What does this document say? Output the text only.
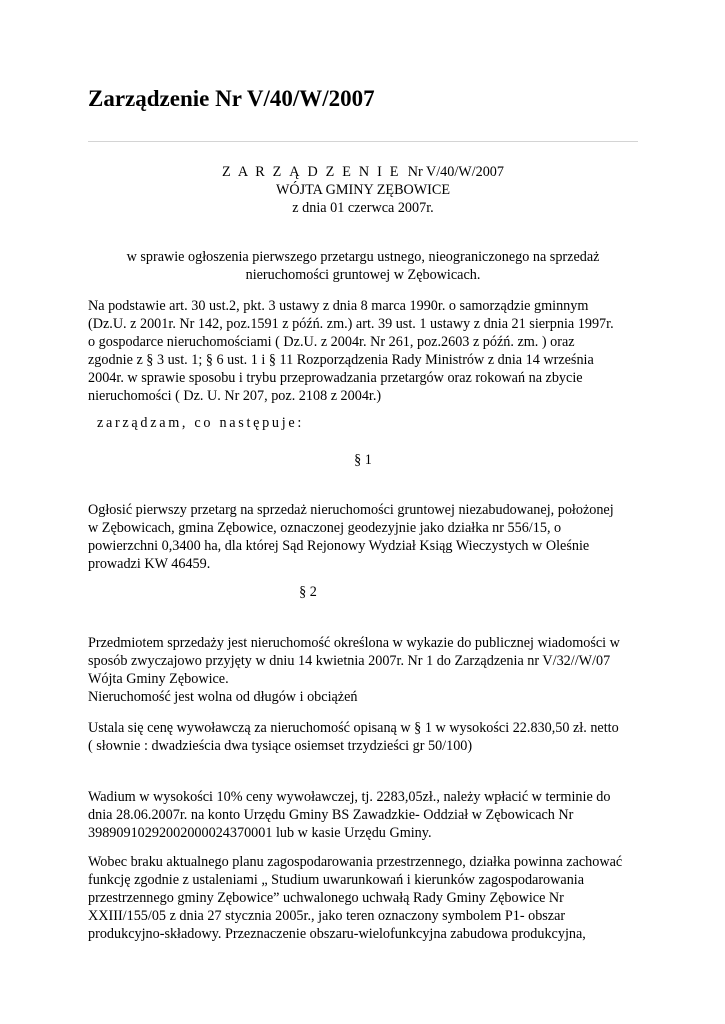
Zarządzenie Nr V/40/W/2007
Z A R Z Ą D Z E N I E Nr V/40/W/2007
WÓJTA GMINY ZĘBOWICE
z dnia 01 czerwca 2007r.
w sprawie ogłoszenia pierwszego przetargu ustnego, nieograniczonego na sprzedaż
nieruchomości gruntowej w Zębowicach.
Na podstawie art. 30 ust.2, pkt. 3 ustawy z dnia 8 marca 1990r. o samorządzie gminnym
(Dz.U. z 2001r. Nr 142, poz.1591 z późń. zm.) art. 39 ust. 1 ustawy z dnia 21 sierpnia 1997r.
o gospodarce nieruchomościami ( Dz.U. z 2004r. Nr 261, poz.2603 z późń. zm. ) oraz
zgodnie z § 3 ust. 1; § 6 ust. 1 i § 11 Rozporządzenia Rady Ministrów z dnia 14 września
2004r. w sprawie sposobu i trybu przeprowadzania przetargów oraz rokowań na zbycie
nieruchomości ( Dz. U. Nr 207, poz. 2108 z 2004r.)
zarządzam, co następuje:
§ 1
Ogłosić pierwszy przetarg na sprzedaż nieruchomości gruntowej niezabudowanej, położonej
w Zębowicach, gmina Zębowice, oznaczonej geodezyjnie jako działka nr 556/15, o
powierzchni 0,3400 ha, dla której Sąd Rejonowy Wydział Ksiąg Wieczystych w Oleśnie
prowadzi KW 46459.
§ 2
Przedmiotem sprzedaży jest nieruchomość określona w wykazie do publicznej wiadomości w
sposób zwyczajowo przyjęty w dniu 14 kwietnia 2007r. Nr 1 do Zarządzenia nr V/32//W/07
Wójta Gminy Zębowice.
Nieruchomość jest wolna od długów i obciążeń
Ustala się cenę wywoławczą za nieruchomość opisaną w § 1 w wysokości 22.830,50 zł. netto
( słownie : dwadzieścia dwa tysiące osiemset trzydzieści gr 50/100)
Wadium w wysokości 10% ceny wywoławczej, tj. 2283,05zł., należy wpłacić w terminie do
dnia 28.06.2007r. na konto Urzędu Gminy BS Zawadzkie- Oddział w Zębowicach Nr
39890910292002000024370001 lub w kasie Urzędu Gminy.
Wobec braku aktualnego planu zagospodarowania przestrzennego, działka powinna zachować
funkcję zgodnie z ustaleniami „ Studium uwarunkowań i kierunków zagospodarowania
przestrzennego gminy Zębowice” uchwalonego uchwałą Rady Gminy Zębowice Nr
XXIII/155/05 z dnia 27 stycznia 2005r., jako teren oznaczony symbolem P1- obszar
produkcyjno-składowy. Przeznaczenie obszaru-wielofunkcyjna zabudowa produkcyjna,
